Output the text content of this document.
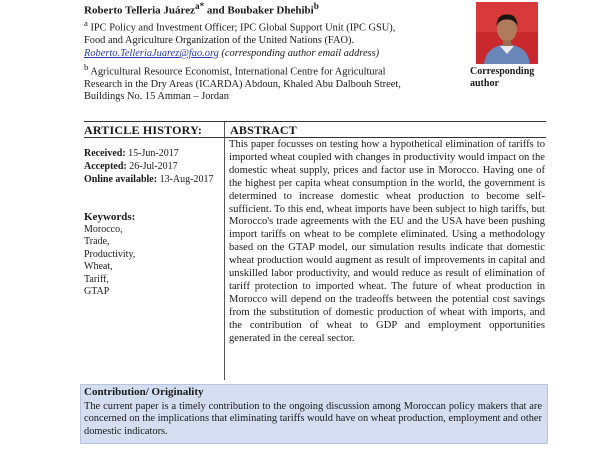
Roberto Telleria Juárez$^{a*}$ and Boubaker Dhehibi$^b$

$^a$ IPC Policy and Investment Officer; IPC Global Support Unit (IPC GSU), Food and Agriculture Organization of the United Nations (FAO). Roberto.TelleriaJuarez@fao.org (corresponding author email address)

$^b$ Agricultural Resource Economist, International Centre for Agricultural Research in the Dry Areas (ICARDA) Abdoun, Khaled Abu Dalbouh Street, Buildings No. 15 Amman – Jordan

Corresponding author
ARTICLE HISTORY: ABSTRACT
Received: 15-Jun-2017
Accepted: 26-Jul-2017
Online available: 13-Aug-2017
Keywords:
Morocco,
Trade,
Productivity,
Wheat,
Tariff,
GTAP

This paper focusses on testing how a hypothetical elimination of tariffs to imported wheat coupled with changes in productivity would impact on the domestic wheat supply, prices and factor use in Morocco. Having one of the highest per capita wheat consumption in the world, the government is determined to increase domestic wheat production to become self-sufficient. To this end, wheat imports have been subject to high tariffs, but Morocco's trade agreements with the EU and the USA have been pushing import tariffs on wheat to be complete eliminated. Using a methodology based on the GTAP model, our simulation results indicate that domestic wheat production would augment as result of improvements in capital and unskilled labor productivity, and would reduce as result of elimination of tariff protection to imported wheat. The future of wheat production in Morocco will depend on the tradeoffs between the potential cost savings from the substitution of domestic production of wheat with imports, and the contribution of wheat to GDP and employment opportunities generated in the cereal sector.

Contribution/ Originality

The current paper is a timely contribution to the ongoing discussion among Moroccan policy makers that are concerned on the implications that eliminating tariffs would have on wheat production, employment and other domestic indicators.
